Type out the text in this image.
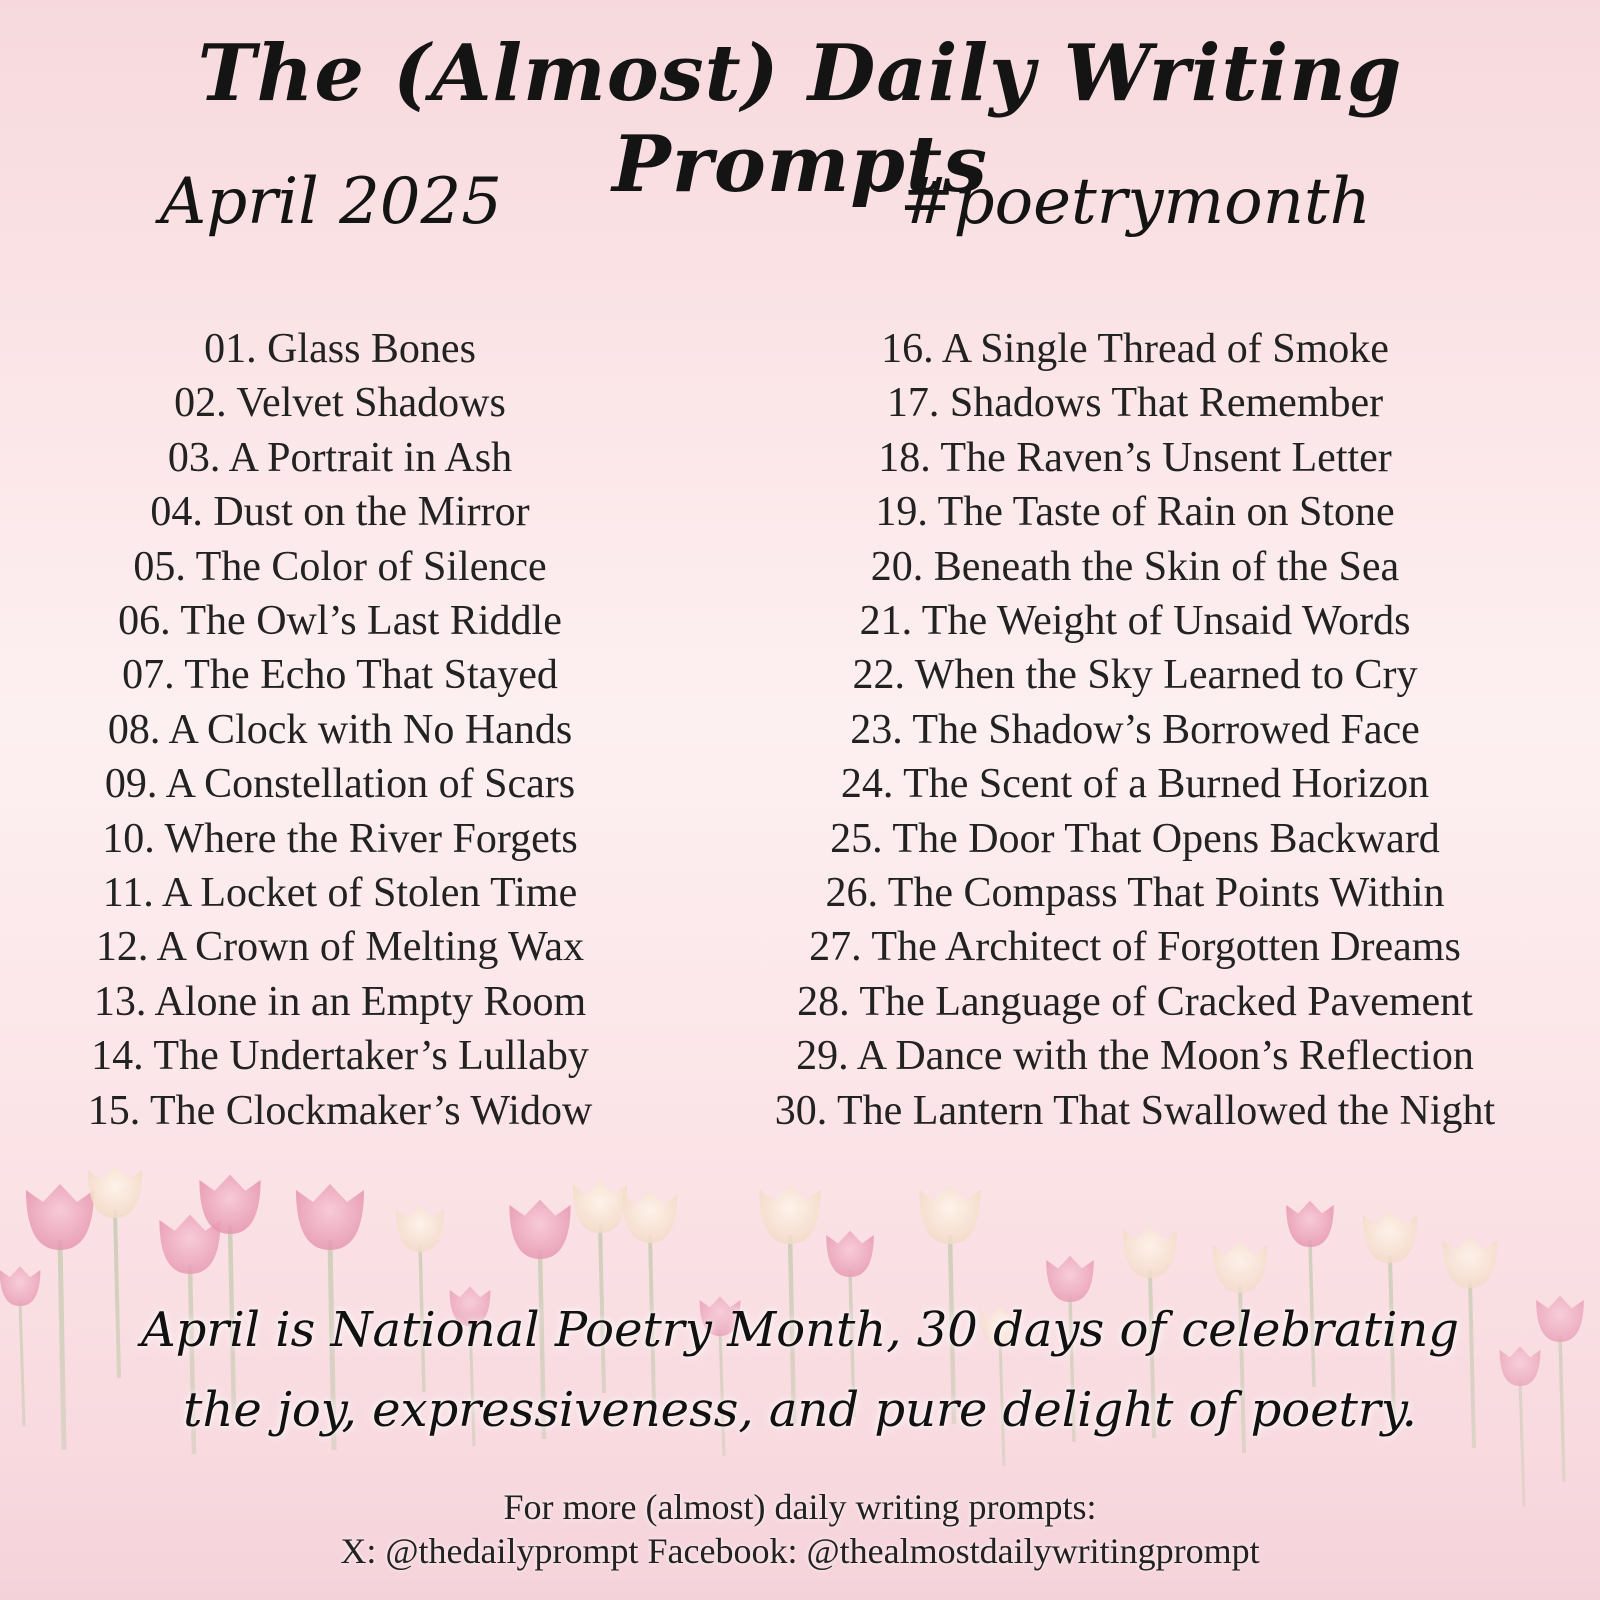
The (Almost) Daily Writing Prompts
April 2025	#poetrymonth
01. Glass Bones
02. Velvet Shadows
03. A Portrait in Ash
04. Dust on the Mirror
05. The Color of Silence
06. The Owl’s Last Riddle
07. The Echo That Stayed
08. A Clock with No Hands
09. A Constellation of Scars
10. Where the River Forgets
11. A Locket of Stolen Time
12. A Crown of Melting Wax
13. Alone in an Empty Room
14. The Undertaker’s Lullaby
15. The Clockmaker’s Widow
16. A Single Thread of Smoke
17. Shadows That Remember
18. The Raven’s Unsent Letter
19. The Taste of Rain on Stone
20. Beneath the Skin of the Sea
21. The Weight of Unsaid Words
22. When the Sky Learned to Cry
23. The Shadow’s Borrowed Face
24. The Scent of a Burned Horizon
25. The Door That Opens Backward
26. The Compass That Points Within
27. The Architect of Forgotten Dreams
28. The Language of Cracked Pavement
29. A Dance with the Moon’s Reflection
30. The Lantern That Swallowed the Night
April is National Poetry Month, 30 days of celebrating
the joy, expressiveness, and pure delight of poetry.
For more (almost) daily writing prompts:
X: @thedailyprompt Facebook: @thealmostdailywritingprompt
